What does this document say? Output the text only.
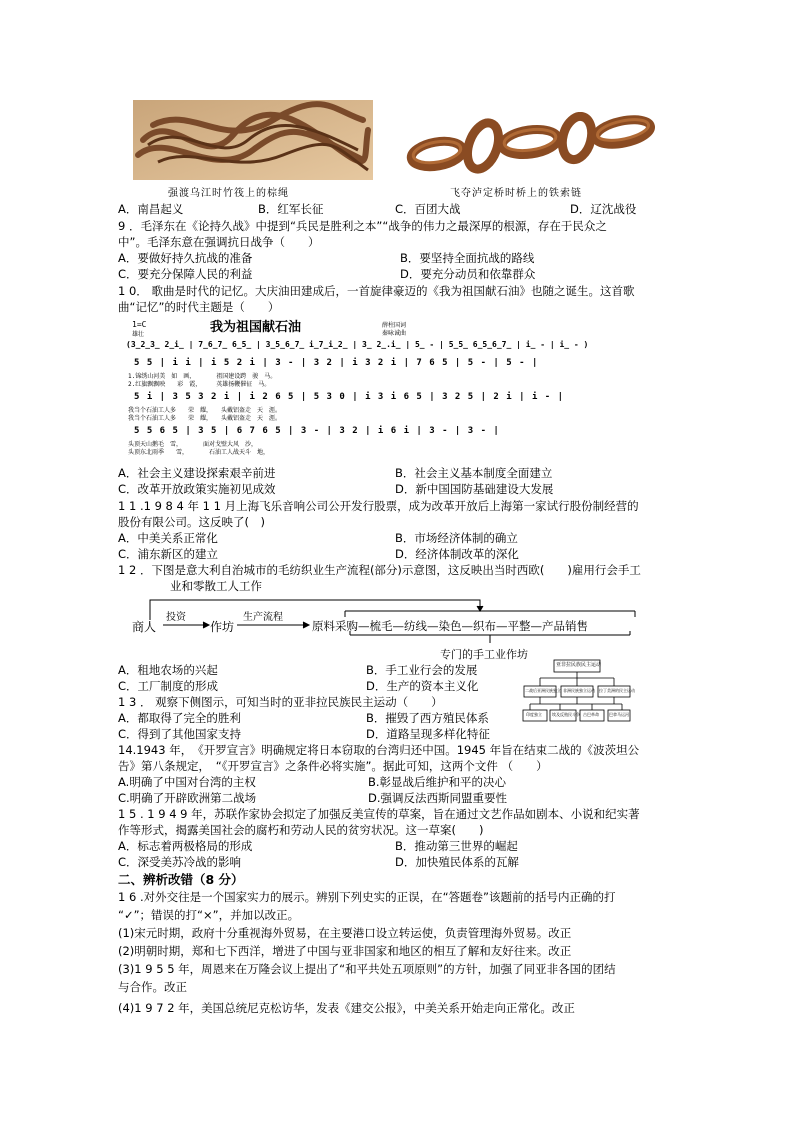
强渡乌江时竹筏上的棕绳	飞夺泸定桥时桥上的铁索链
A．南昌起义	B．红军长征	C．百团大战	D．辽沈战役
9 ．毛泽东在《论持久战》中提到“兵民是胜利之本”“战争的伟力之最深厚的根源，存在于民众之
中”。毛泽东意在强调抗日战争（　　）
A．要做好持久抗战的准备	B．要坚持全面抗战的路线
C．要充分保障人民的利益	D．要充分动员和依靠群众
1 0． 歌曲是时代的记忆。大庆油田建成后，一首旋律豪迈的《我为祖国献石油》也随之诞生。这首歌
曲“记忆”的时代主题是（　　）
1=C
雄壮	我为祖国献石油	薛柱国词
秦咏诚曲
(3̲2̲3̲ 2̲i̲ | 7̲6̲7̲ 6̲5̲ | 3̲5̲6̲7̲ i̲7̲i̲2̲ | 3̲ 2̲.i̲ | 5̲ - | 5̲5̲ 6̲5̲6̲7̲ | i̲ - | i̲ - )
5 5 | i i | i 5 2 i | 3 - | 3 2 | i 3 2 i | 7 6 5 | 5 - | 5 - |
1.锦绣山河美　如　画，　　　　祖国建设跨　骏　马。
2.红旗飘飘映　　彩　霞，　　　英雄扬鞭催征　马。
5 i | 3 5 3 2 i | i 2 6 5 | 5 3 0 | i 3 i 6 5 | 3 2 5 | 2 i | i - |
我当个石油工人多　　荣　耀，　　头戴铝盔走　天　涯。
我当个石油工人多　　荣　耀，　　头戴铝盔走　天　涯。
5 5 6 5 | 3 5 | 6 7 6 5 | 3 - | 3 2 | i 6 i | 3 - | 3 - |
头顶天山鹅毛　雪，　　　　面对戈壁大风　沙，
头顶东北雨季　　雪，　　　　石油工人战天斗　地，
A．社会主义建设探索艰辛前进	B．社会主义基本制度全面建立
C．改革开放政策实施初见成效	D．新中国国防基础建设大发展
1 1 .1 9 8 4 年 1 1 月上海飞乐音响公司公开发行股票，成为改革开放后上海第一家试行股份制经营的
股份有限公司。这反映了(　)
A．中美关系正常化	B．市场经济体制的确立
C．浦东新区的建立	D．经济体制改革的深化
1 2 ．下图是意大利自治城市的毛纺织业生产流程(部分)示意图，这反映出当时西欧(　　)雇用行会手工
业和零散工人工作
商人
投资
作坊
生产流程
原料采购—梳毛—纺线—染色—织布—平整—产品销售
专门的手工业作坊
A．租地农场的兴起	B．手工业行会的发展
C．工厂制度的形成	D．生产的资本主义化
1 3 ． 观察下侧图示，可知当时的亚非拉民族民主运动（　　）
A．都取得了完全的胜利	B．摧毁了西方殖民体系
C．得到了其他国家支持	D．道路呈现多样化特征
亚非拉民族民主运动
二战后亚洲民族独立 非洲民族独立运动 拉丁美洲的民主运动
印度独立	埃及反殖民斗争 古巴革命	巴拿马运河
14.1943 年，　《开罗宣言》明确规定将日本窃取的台湾归还中国。1945 年旨在结束二战的《波茨坦公
告》第八条规定，　“《开罗宣言》之条件必将实施”。据此可知，这两个文件 （　　）
A.明确了中国对台湾的主权	B.彰显战后维护和平的决心
C.明确了开辟欧洲第二战场	D.强调反法西斯同盟重要性
1 5 . 1 9 4 9 年，苏联作家协会拟定了加强反美宣传的草案，旨在通过文艺作品如剧本、小说和纪实著
作等形式，揭露美国社会的腐朽和劳动人民的贫穷状况。这一草案(　　)
A．标志着两极格局的形成	B．推动第三世界的崛起
C．深受美苏冷战的影响	D．加快殖民体系的瓦解
二、辨析改错（8 分）
1 6 .对外交往是一个国家实力的展示。辨别下列史实的正误，在“答题卷”该题前的括号内正确的打
“✓”；错误的打“×”，并加以改正。
(1)宋元时期，政府十分重视海外贸易，在主要港口设立转运使，负责管理海外贸易。改正
(2)明朝时期，郑和七下西洋，增进了中国与亚非国家和地区的相互了解和友好往来。改正
(3)1 9 5 5 年，周恩来在万隆会议上提出了“和平共处五项原则”的方针，加强了同亚非各国的团结
与合作。改正
(4)1 9 7 2 年，美国总统尼克松访华，发表《建交公报》，中美关系开始走向正常化。改正
